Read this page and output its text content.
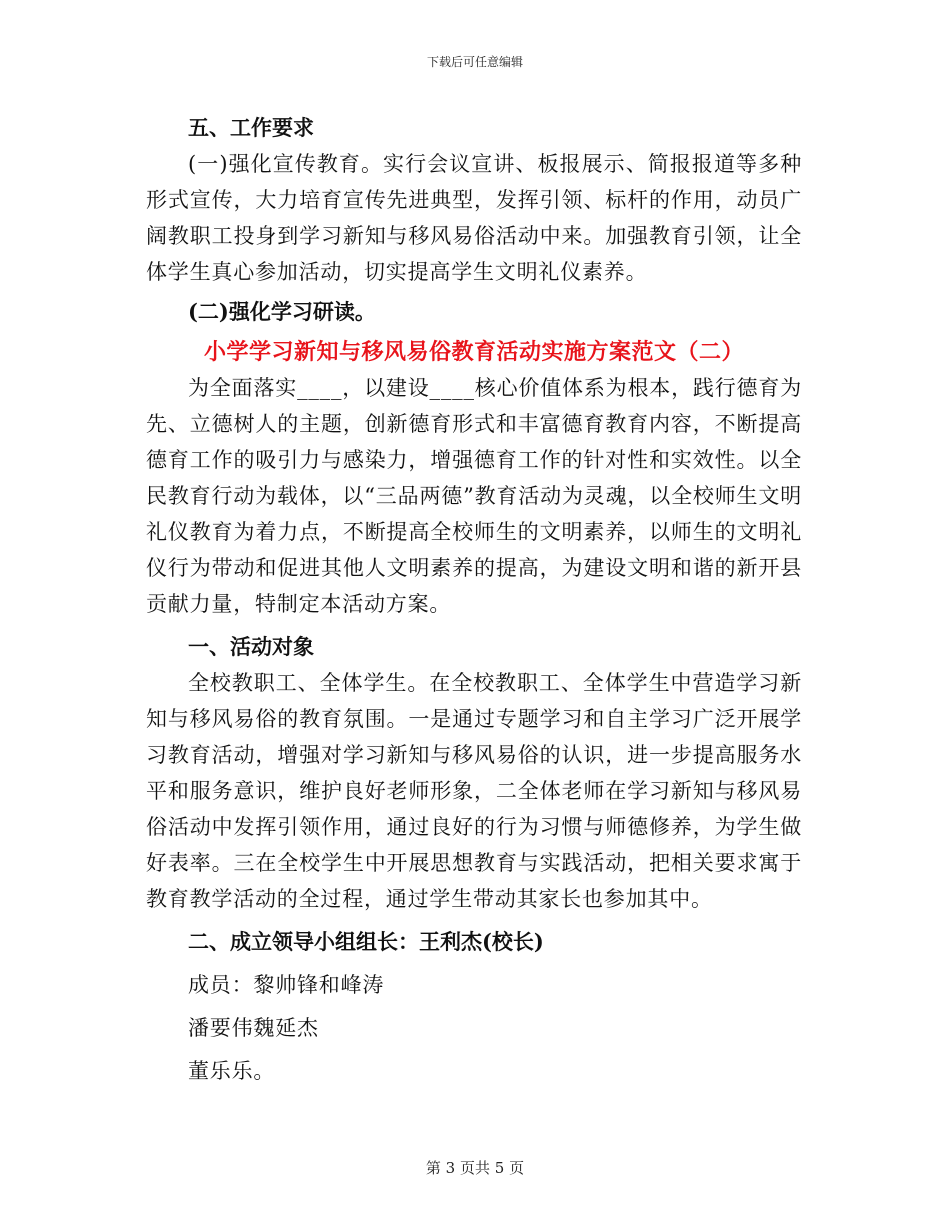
下载后可任意编辑

五、工作要求

(一)强化宣传教育。实行会议宣讲、板报展示、简报报道等多种形式宣传，大力培育宣传先进典型，发挥引领、标杆的作用，动员广阔教职工投身到学习新知与移风易俗活动中来。加强教育引领，让全体学生真心参加活动，切实提高学生文明礼仪素养。

(二)强化学习研读。

小学学习新知与移风易俗教育活动实施方案范文（二）

为全面落实____，以建设____核心价值体系为根本，践行德育为先、立德树人的主题，创新德育形式和丰富德育教育内容，不断提高德育工作的吸引力与感染力，增强德育工作的针对性和实效性。以全民教育行动为载体，以“三品两德”教育活动为灵魂，以全校师生文明礼仪教育为着力点，不断提高全校师生的文明素养，以师生的文明礼仪行为带动和促进其他人文明素养的提高，为建设文明和谐的新开县贡献力量，特制定本活动方案。

一、活动对象

全校教职工、全体学生。在全校教职工、全体学生中营造学习新知与移风易俗的教育氛围。一是通过专题学习和自主学习广泛开展学习教育活动，增强对学习新知与移风易俗的认识，进一步提高服务水平和服务意识，维护良好老师形象，二全体老师在学习新知与移风易俗活动中发挥引领作用，通过良好的行为习惯与师德修养，为学生做好表率。三在全校学生中开展思想教育与实践活动，把相关要求寓于教育教学活动的全过程，通过学生带动其家长也参加其中。

二、成立领导小组组长：王利杰(校长)

成员：黎帅锋和峰涛

潘要伟魏延杰

董乐乐。

第 3 页共 5 页
